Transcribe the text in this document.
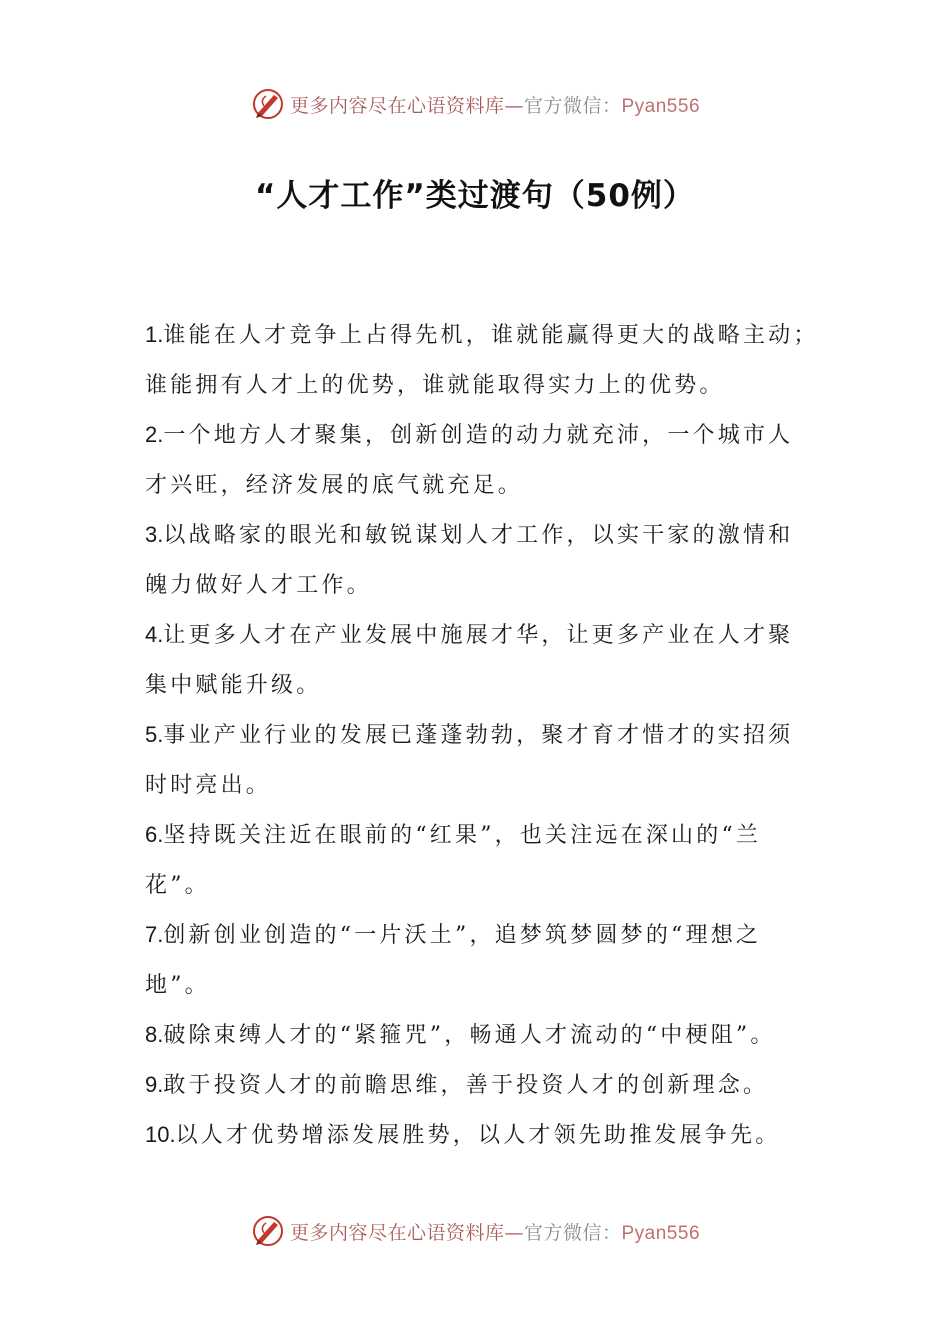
更多内容尽在心语资料库—官方微信：Pyan556
“人才工作”类过渡句（50例）
1.谁能在人才竞争上占得先机，谁就能赢得更大的战略主动；
谁能拥有人才上的优势，谁就能取得实力上的优势。
2.一个地方人才聚集，创新创造的动力就充沛，一个城市人
才兴旺，经济发展的底气就充足。
3.以战略家的眼光和敏锐谋划人才工作，以实干家的激情和
魄力做好人才工作。
4.让更多人才在产业发展中施展才华，让更多产业在人才聚
集中赋能升级。
5.事业产业行业的发展已蓬蓬勃勃，聚才育才惜才的实招须
时时亮出。
6.坚持既关注近在眼前的“红果”，也关注远在深山的“兰
花”。
7.创新创业创造的“一片沃土”，追梦筑梦圆梦的“理想之
地”。
8.破除束缚人才的“紧箍咒”，畅通人才流动的“中梗阻”。
9.敢于投资人才的前瞻思维，善于投资人才的创新理念。
10.以人才优势增添发展胜势，以人才领先助推发展争先。
更多内容尽在心语资料库—官方微信：Pyan556
